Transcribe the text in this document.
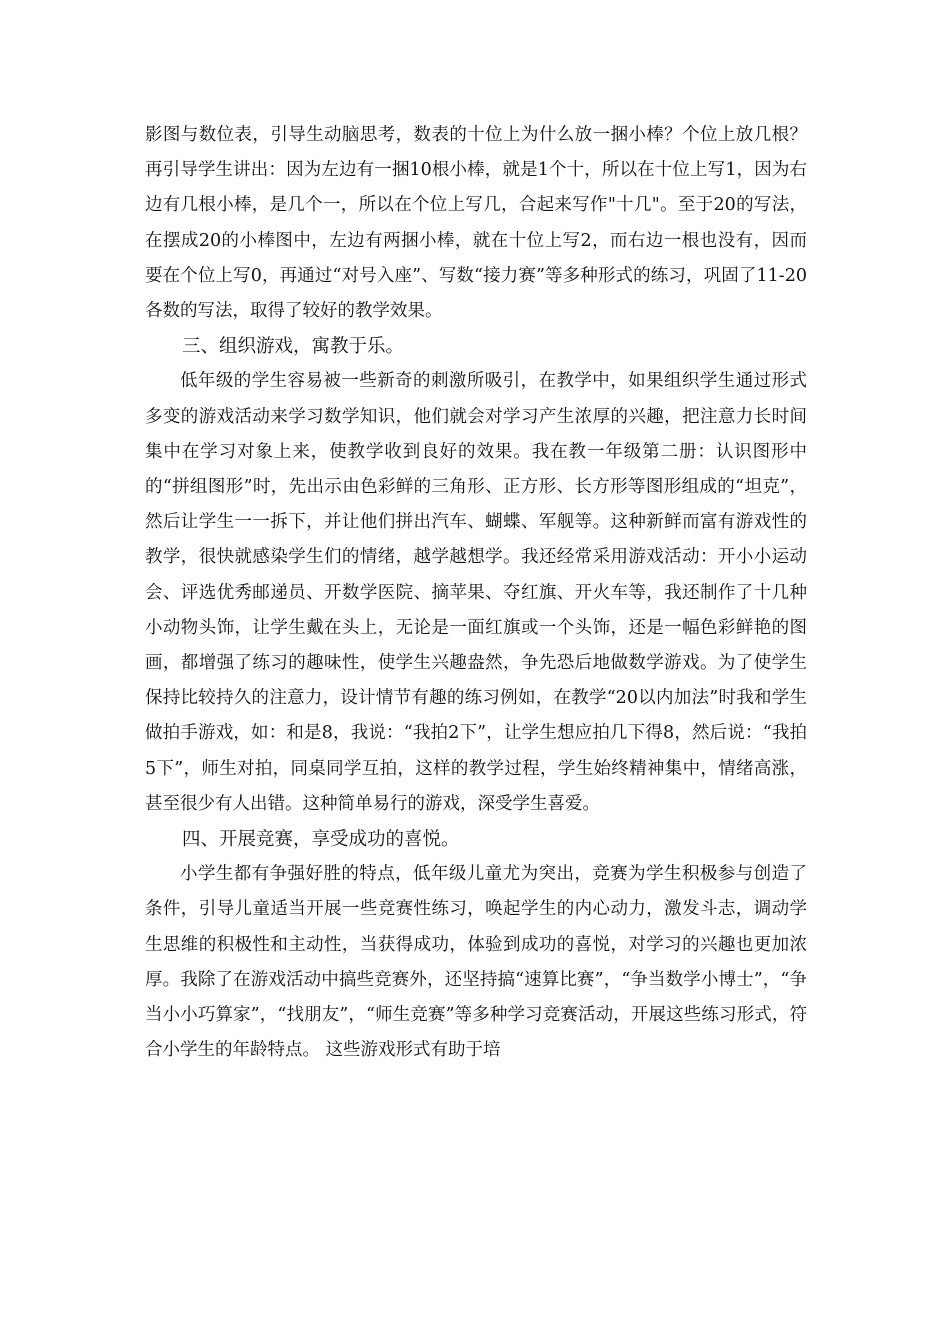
影图与数位表，引导生动脑思考，数表的十位上为什么放一捆小棒？个位上放几根？再引导学生讲出：因为左边有一捆10根小棒，就是1个十，所以在十位上写1，因为右边有几根小棒，是几个一，所以在个位上写几，合起来写作"十几"。至于20的写法，在摆成20的小棒图中，左边有两捆小棒，就在十位上写2，而右边一根也没有，因而要在个位上写0，再通过“对号入座”、写数“接力赛”等多种形式的练习，巩固了11-20各数的写法，取得了较好的教学效果。

三、组织游戏，寓教于乐。

低年级的学生容易被一些新奇的刺激所吸引，在教学中，如果组织学生通过形式多变的游戏活动来学习数学知识，他们就会对学习产生浓厚的兴趣，把注意力长时间集中在学习对象上来，使教学收到良好的效果。我在教一年级第二册：认识图形中的“拼组图形”时，先出示由色彩鲜的三角形、正方形、长方形等图形组成的“坦克”，然后让学生一一拆下，并让他们拼出汽车、蝴蝶、军舰等。这种新鲜而富有游戏性的教学，很快就感染学生们的情绪，越学越想学。我还经常采用游戏活动：开小小运动会、评选优秀邮递员、开数学医院、摘苹果、夺红旗、开火车等，我还制作了十几种小动物头饰，让学生戴在头上，无论是一面红旗或一个头饰，还是一幅色彩鲜艳的图画，都增强了练习的趣味性，使学生兴趣盎然，争先恐后地做数学游戏。为了使学生保持比较持久的注意力，设计情节有趣的练习例如，在教学“20以内加法”时我和学生做拍手游戏，如：和是8，我说：“我拍2下”，让学生想应拍几下得8，然后说：“我拍5下”，师生对拍，同桌同学互拍，这样的教学过程，学生始终精神集中，情绪高涨，甚至很少有人出错。这种简单易行的游戏，深受学生喜爱。

四、开展竞赛，享受成功的喜悦。

小学生都有争强好胜的特点，低年级儿童尤为突出，竞赛为学生积极参与创造了条件，引导儿童适当开展一些竞赛性练习，唤起学生的内心动力，激发斗志，调动学生思维的积极性和主动性，当获得成功，体验到成功的喜悦，对学习的兴趣也更加浓厚。我除了在游戏活动中搞些竞赛外，还坚持搞“速算比赛”，“争当数学小博士”，“争当小小巧算家”，“找朋友”，“师生竞赛”等多种学习竞赛活动，开展这些练习形式，符合小学生的年龄特点。 这些游戏形式有助于培
